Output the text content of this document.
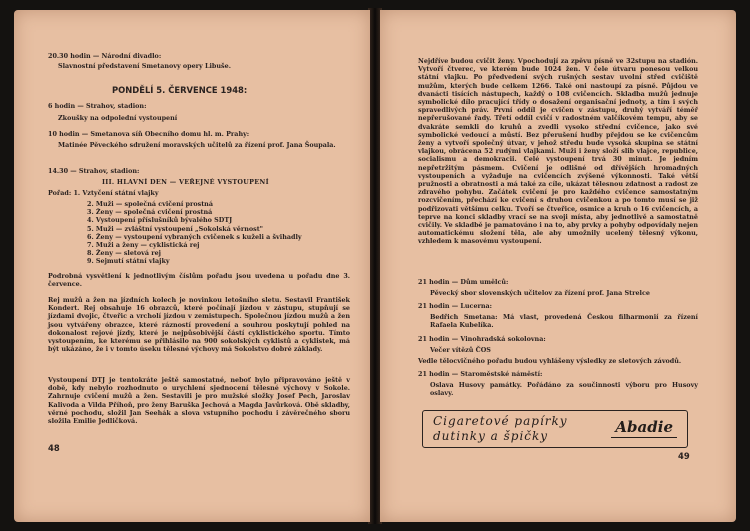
20.30 hodin — Národní divadlo:
Slavnostní představení Smetanovy opery Libuše.
PONDĚLÍ 5. ČERVENCE 1948:
6 hodin — Strahov, stadion:
Zkoušky na odpolední vystoupení
10 hodin — Smetanova síň Obecního domu hl. m. Prahy:
Matinée Pěveckého sdružení moravských učitelů za řízení prof. Jana Šoupala.
14.30 — Strahov, stadion:
III. HLAVNÍ DEN — VEŘEJNÉ VYSTOUPENÍ
Pořad: 1. Vztyčení státní vlajky
2. Muži — společná cvičení prostná
3. Ženy — společná cvičení prostná
4. Vystoupení příslušníků bývalého SDTJ
5. Muži — zvláštní vystoupení „Sokolská věrnost"
6. Ženy — vystoupení vybraných cvičenek s kuželi a švihadly
7. Muži a ženy — cyklistická rej
8. Ženy — sletová rej
9. Sejmutí státní vlajky
Podrobná vysvětlení k jednotlivým číslům pořadu jsou uvedena u pořadu dne 3. července.
Rej mužů a žen na jízdních kolech je novinkou letošního sletu. Sestavil František Kondert. Rej obsahuje 16 obrazců, které počínají jízdou v zástupu, stupňují se jízdami dvojic, čtveřic a vrcholí jízdou v zemistupech. Společnou jízdou mužů a žen jsou vytvářeny obrazce, které rázností provedení a souhrou poskytují pohled na dokonalost rejové jízdy, které je nejpůsobivější částí cyklistického sportu. Tímto vystoupením, ke kterému se přihlásilo na 900 sokolských cyklistů a cyklistek, má být ukázáno, že i v tomto úseku tělesné výchovy má Sokolstvo dobré základy.
Vystoupení DTJ je tentokráte ještě samostatné, neboť bylo připravováno ještě v době, kdy nebylo rozhodnuto o urychlení sjednocení tělesné výchovy v Sokole. Zahrnuje cvičení mužů a žen. Sestavili je pro mužské složky Josef Pech, Jaroslav Kalivoda a Vilda Příhoň, pro ženy Baruška Jechová a Magda Javůrková. Obě skladby, věrné pochodu, složil Jan Seehák a slova vstupního pochodu i závěrečného sboru složila Emilie Jedličková.
48
Nejdříve budou cvičit ženy. Vpochodují za zpěvu písně ve 32stupu na stadión. Vytvoří čtverec, ve kterém bude 1024 žen. V čele útvaru ponesou velkou státní vlajku. Po předvedení svých rušných sestav uvolní střed cvičiště mužům, kterých bude celkem 1266. Také oni nastoupí za písně. Půjdou ve dvanácti tisících nástupech, každý o 108 cvičencích. Skladba mužů jednuje symbolické dílo pracující třídy o dosažení organisační jednoty, a tím i svých spravedlivých práv. První oddíl je cvičen v zástupu, druhý vytváří téměř nepřerušované řady. Třetí oddíl cvičí v radostném valčíkovém tempu, aby se dvakráte semkli do kruhů a zvedli vysoko střední cvičence, jako své symbolické vedoucí a můstí. Bez přerušení hudby přejdou se ke cvičencům ženy a vytvoří společný útvar, v jehož středu bude vysoká skupina se státní vlajkou, obrácena 52 rudými vlajkami. Muži i ženy složí slib vlajce, republice, socialismu a demokracii. Celé vystoupení trvá 30 minut. Je jedním nepřetržitým pásmem. Cvičení je odlišné od dřívějších hromadných vystoupeních a vyžaduje na cvičencích zvýšené výkonnosti. Také větší pružnosti a obratnosti a má také za cíle, ukázat tělesnou zdatnost a radost ze zdravého pohybu. Začátek cvičení je pro každého cvičence samostatným rozcvičením, přechází ke cvičení s druhou cvičenkou a po tomto musí se již podřizovati většímu celku. Tvoří se čtveřice, osmice a kruh o 16 cvičencích, a teprve na konci skladby vrací se na svoji místa, aby jednotlivě a samostatně cvičily. Ve skladbě je pamatováno i na to, aby prvky a pohyby odpovídaly nejen automatickému složení těla, ale aby umožnily ucelený tělesný výkonu, vzhledem k masovému vystoupení.
21 hodin — Dům umělců:
Pěvecký sbor slovenských učitelov za řízení prof. Jana Strelce
21 hodin — Lucerna:
Bedřich Smetana: Má vlast, provedená Českou filharmonií za řízení Rafaela Kubelíka.
21 hodin — Vinohradská sokolovna:
Večer vítězů ČOS
Vedle tělocvičného pořadu budou vyhlášeny výsledky ze sletových závodů.
21 hodin — Staroměstské náměstí:
Oslava Husovy památky. Pořádáno za součinnosti výboru pro Husovy oslavy.
Cigaretové papírky
dutinky a špičky	Abadie
49
